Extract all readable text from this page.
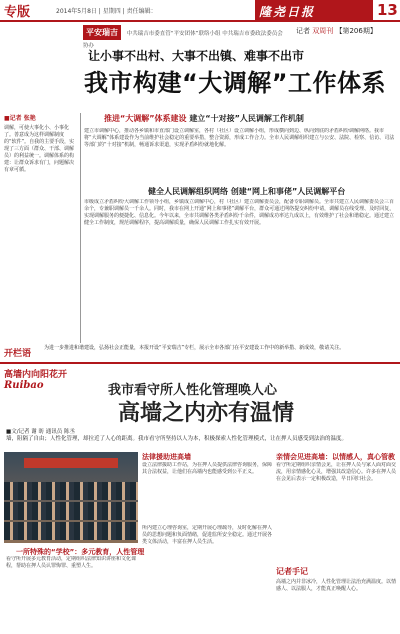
专版	2014年5月8日 | 星期四 | 责任编辑：	隆尧日报	13
平安瑞吉 中共瑞吉市委直管“平安团体”联络小组 中共瑞吉市委政法委员会 协办
记者 双周刊 【第206期】
让小事不出村、大事不出镇、难事不出市
我市构建“大调解”工作体系
■记者 张艳
调解，可使大事化小、小事化了。善意成为这样调解制度的“软件”。自我的主要手段，实现了三方面（群众、干部、调解员）的利益统一。调解体系的构建：让群众诉求有门，问题解决有章可循。
推进“大调解”体系建设 建立“十对接”人民调解工作机制
建立市调解中心，推动各乡镇和市直部门设立调解室，各村（社区）设立调解小组，形成横向到边、纵向到底的矛盾纠纷调解网络。我市将“大调解”体系建设作为当前维护社会稳定的重要举措，整合资源，形成工作合力。全市人民调解组织建立与公安、法院、检察、信访、司法等部门的“十对接”机制，畅通诉求渠道，实现矛盾纠纷就地化解。
健全人民调解组织网络 创建“网上和事佬”人民调解平台
市级成立矛盾纠纷大调解工作领导小组，乡镇成立调解中心，村（社区）建立调解委员会，配备专职调解员。全市共建立人民调解委员会三百余个，专兼职调解员一千余人。同时，我市在网上开通“网上和事佬”调解平台，群众可通过网络提交纠纷申请，调解员在线受理、及时回复，实现调解服务的便捷化、信息化。今年以来，全市共调解各类矛盾纠纷千余件，调解成功率达九成以上，有效维护了社会和谐稳定。通过建立健全工作制度，规范调解程序，提高调解质量，确保人民调解工作扎实有效开展。
开栏语
为进一步推进和谐建设，弘扬社会正能量，本报开设“平安瑞吉”专栏，展示全市各部门在平安建设工作中的新举措、新成效，敬请关注。
高墙内向阳花开
Ruibao	我市看守所人性化管理唤人心
高墙之内亦有温情
■文/记者 谢 昉 通讯员 陈丞
墙，阻隔了自由；人性化管理，却拉近了人心的距离。我市看守所坚持以人为本，积极探索人性化管理模式，让在押人员感受到法治的温度。
法律援助进高墙
一所特殊的“学校”：多元教育，人性管理
亲情会见进高墙：以情感人，真心管教
设立法律援助工作站，为在押人员提供法律咨询服务，保障其合法权益，让他们在高墙内也能感受到公平正义。
看守所开展多元教育活动，定期组织法律知识讲座和文化课程，帮助在押人员认罪悔罪、重塑人生。
所内建立心理咨询室，定期开展心理疏导，及时化解在押人员的思想问题和负面情绪，促进监所安全稳定。通过开展各类文体活动，丰富在押人员生活。
看守所定期组织亲情会见，让在押人员与家人面对面交流，用亲情感化心灵，增强其改造信心。许多在押人员在会见后表示一定积极改造，早日回归社会。
记者手记
高墙之内并非冰冷，人性化管理让法治充满温度。以情感人、以法服人，才能真正唤醒人心。
